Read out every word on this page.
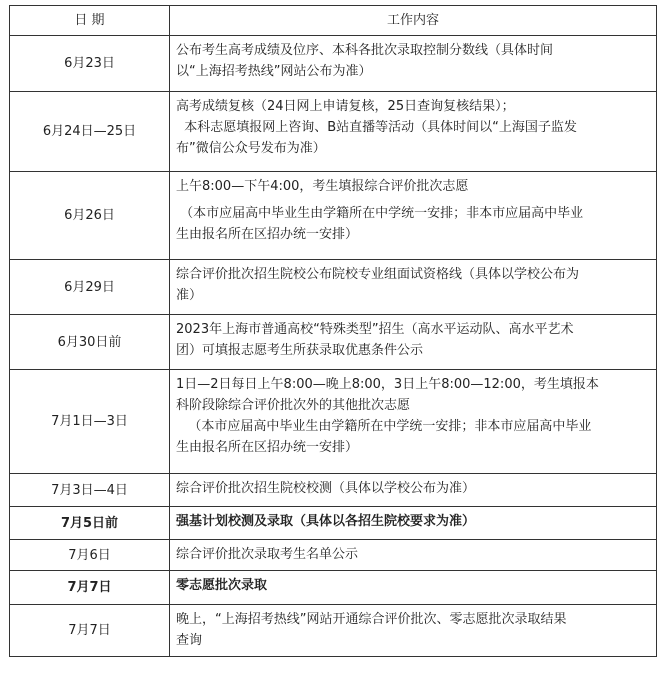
日 期	工作内容
6月23日	公布考生高考成绩及位序、本科各批次录取控制分数线（具体时间
以“上海招考热线”网站公布为准）

6月24日—25日	高考成绩复核（24日网上申请复核，25日查询复核结果）；
本科志愿填报网上咨询、B站直播等活动（具体时间以“上海国子监发
布”微信公众号发布为准）

6月26日	上午8:00—下午4:00，考生填报综合评价批次志愿
（本市应届高中毕业生由学籍所在中学统一安排；非本市应届高中毕业
生由报名所在区招办统一安排）

6月29日	综合评价批次招生院校公布院校专业组面试资格线（具体以学校公布为
准）

6月30日前	2023年上海市普通高校“特殊类型”招生（高水平运动队、高水平艺术
团）可填报志愿考生所获录取优惠条件公示

7月1日—3日	1日—2日每日上午8:00—晚上8:00，3日上午8:00—12:00，考生填报本
科阶段除综合评价批次外的其他批次志愿
（本市应届高中毕业生由学籍所在中学统一安排；非本市应届高中毕业
生由报名所在区招办统一安排）

7月3日—4日	综合评价批次招生院校校测（具体以学校公布为准）

7月5日前	强基计划校测及录取（具体以各招生院校要求为准）

7月6日	综合评价批次录取考生名单公示

7月7日	零志愿批次录取

7月7日	晚上，“上海招考热线”网站开通综合评价批次、零志愿批次录取结果
查询
